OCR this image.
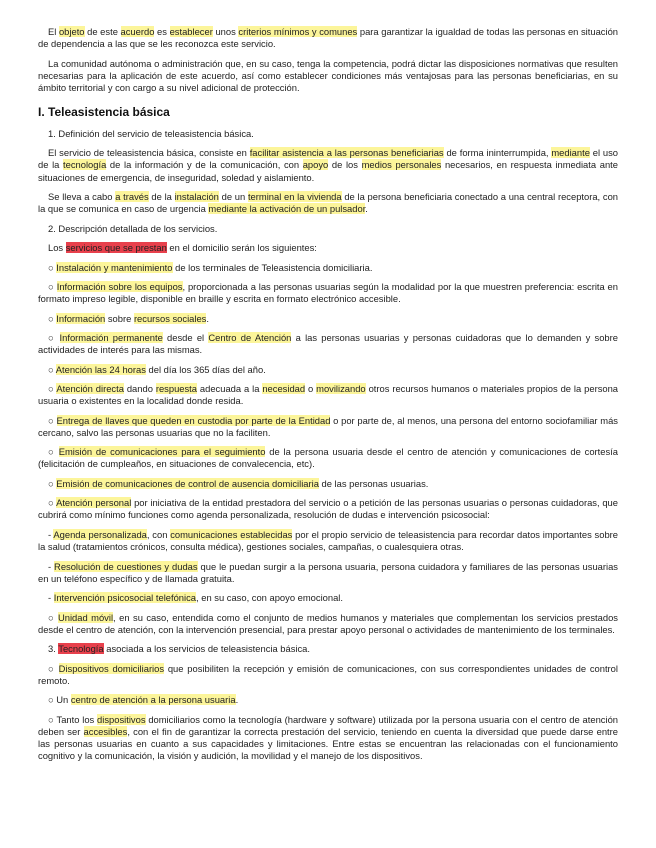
El objeto de este acuerdo es establecer unos criterios mínimos y comunes para garantizar la igualdad de todas las personas en situación de dependencia a las que se les reconozca este servicio.

La comunidad autónoma o administración que, en su caso, tenga la competencia, podrá dictar las disposiciones normativas que resulten necesarias para la aplicación de este acuerdo, así como establecer condiciones más ventajosas para las personas beneficiarias, en su ámbito territorial y con cargo a su nivel adicional de protección.

I. Teleasistencia básica

1. Definición del servicio de teleasistencia básica.

El servicio de teleasistencia básica, consiste en facilitar asistencia a las personas beneficiarias de forma ininterrumpida, mediante el uso de la tecnología de la información y de la comunicación, con apoyo de los medios personales necesarios, en respuesta inmediata ante situaciones de emergencia, de inseguridad, soledad y aislamiento.

Se lleva a cabo a través de la instalación de un terminal en la vivienda de la persona beneficiaria conectado a una central receptora, con la que se comunica en caso de urgencia mediante la activación de un pulsador.

2. Descripción detallada de los servicios.

Los servicios que se prestan en el domicilio serán los siguientes:

○ Instalación y mantenimiento de los terminales de Teleasistencia domiciliaria.

○ Información sobre los equipos, proporcionada a las personas usuarias según la modalidad por la que muestren preferencia: escrita en formato impreso legible, disponible en braille y escrita en formato electrónico accesible.

○ Información sobre recursos sociales.

○ Información permanente desde el Centro de Atención a las personas usuarias y personas cuidadoras que lo demanden y sobre actividades de interés para las mismas.

○ Atención las 24 horas del día los 365 días del año.

○ Atención directa dando respuesta adecuada a la necesidad o movilizando otros recursos humanos o materiales propios de la persona usuaria o existentes en la localidad donde resida.

○ Entrega de llaves que queden en custodia por parte de la Entidad o por parte de, al menos, una persona del entorno sociofamiliar más cercano, salvo las personas usuarias que no la faciliten.

○ Emisión de comunicaciones para el seguimiento de la persona usuaria desde el centro de atención y comunicaciones de cortesía (felicitación de cumpleaños, en situaciones de convalecencia, etc).

○ Emisión de comunicaciones de control de ausencia domiciliaria de las personas usuarias.

○ Atención personal por iniciativa de la entidad prestadora del servicio o a petición de las personas usuarias o personas cuidadoras, que cubrirá como mínimo funciones como agenda personalizada, resolución de dudas e intervención psicosocial:

- Agenda personalizada, con comunicaciones establecidas por el propio servicio de teleasistencia para recordar datos importantes sobre la salud (tratamientos crónicos, consulta médica), gestiones sociales, campañas, o cualesquiera otras.

- Resolución de cuestiones y dudas que le puedan surgir a la persona usuaria, persona cuidadora y familiares de las personas usuarias en un teléfono específico y de llamada gratuita.

- Intervención psicosocial telefónica, en su caso, con apoyo emocional.

○ Unidad móvil, en su caso, entendida como el conjunto de medios humanos y materiales que complementan los servicios prestados desde el centro de atención, con la intervención presencial, para prestar apoyo personal o actividades de mantenimiento de los terminales.

3. Tecnología asociada a los servicios de teleasistencia básica.

○ Dispositivos domiciliarios que posibiliten la recepción y emisión de comunicaciones, con sus correspondientes unidades de control remoto.

○ Un centro de atención a la persona usuaria.

○ Tanto los dispositivos domiciliarios como la tecnología (hardware y software) utilizada por la persona usuaria con el centro de atención deben ser accesibles, con el fin de garantizar la correcta prestación del servicio, teniendo en cuenta la diversidad que puede darse entre las personas usuarias en cuanto a sus capacidades y limitaciones. Entre estas se encuentran las relacionadas con el funcionamiento cognitivo y la comunicación, la visión y audición, la movilidad y el manejo de los dispositivos.
